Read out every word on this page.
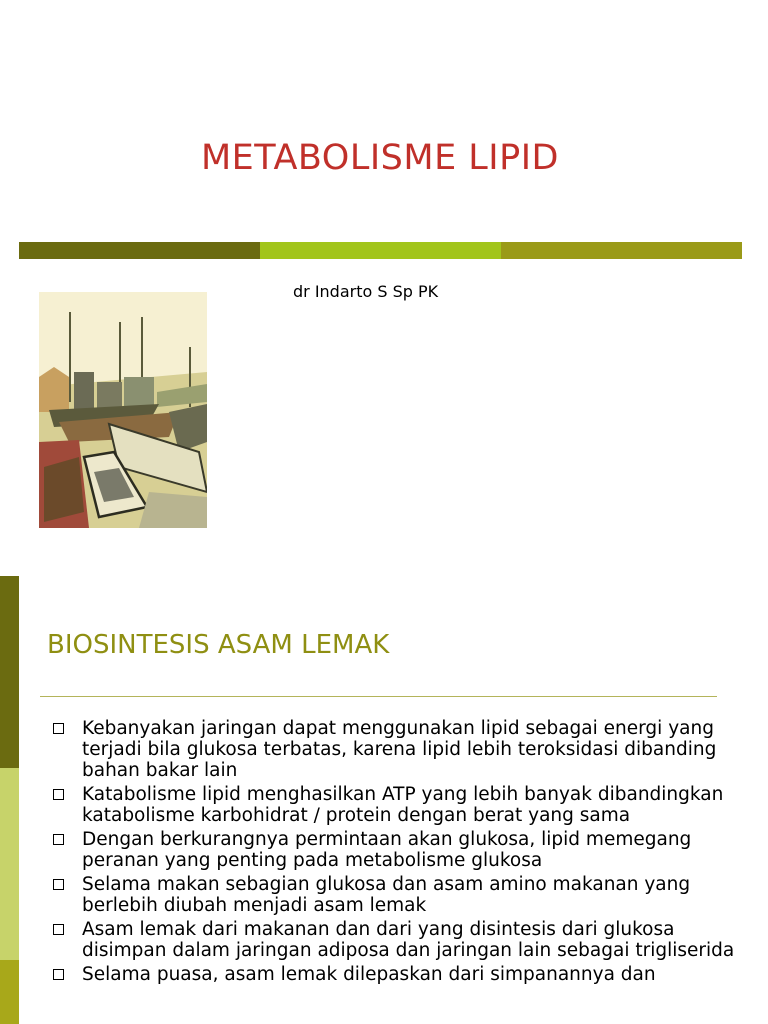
METABOLISME LIPID
dr Indarto S Sp PK
BIOSINTESIS ASAM LEMAK
Kebanyakan jaringan dapat menggunakan lipid sebagai energi yang terjadi bila glukosa terbatas, karena lipid lebih teroksidasi dibanding bahan bakar lain
Katabolisme lipid menghasilkan ATP yang lebih banyak dibandingkan katabolisme karbohidrat / protein dengan berat yang sama
Dengan berkurangnya permintaan akan glukosa, lipid memegang peranan yang penting pada metabolisme glukosa
Selama makan sebagian glukosa dan asam amino makanan yang berlebih diubah menjadi asam lemak
Asam lemak dari makanan dan dari yang disintesis dari glukosa disimpan dalam jaringan adiposa dan jaringan lain sebagai trigliserida
Selama puasa, asam lemak dilepaskan dari simpanannya dan
